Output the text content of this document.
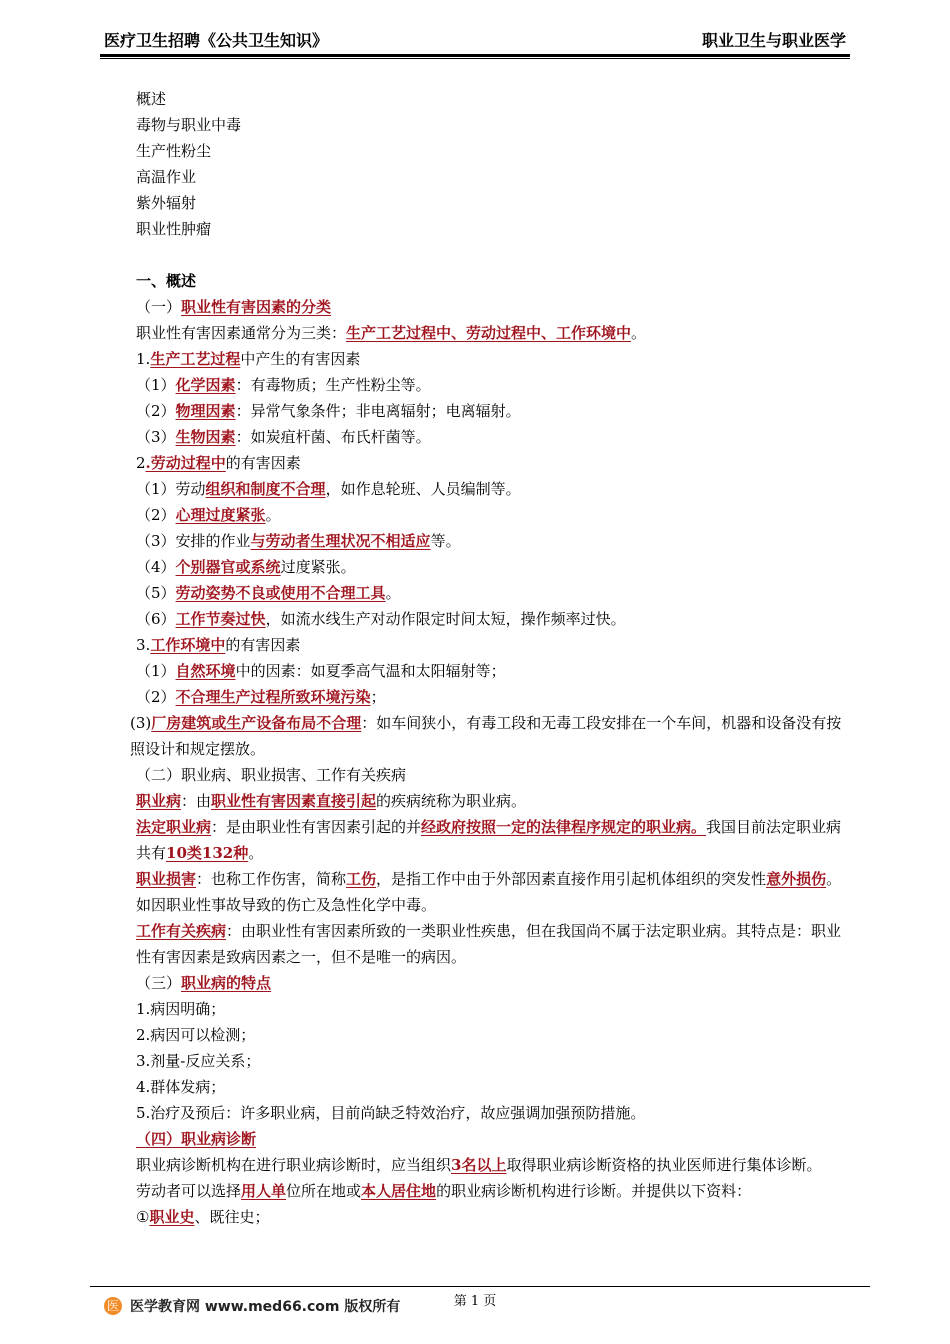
医疗卫生招聘《公共卫生知识》	职业卫生与职业医学
概述
毒物与职业中毒
生产性粉尘
高温作业
紫外辐射
职业性肿瘤
一、概述
（一）职业性有害因素的分类
职业性有害因素通常分为三类：生产工艺过程中、劳动过程中、工作环境中。
1.生产工艺过程中产生的有害因素
（1）化学因素：有毒物质；生产性粉尘等。
（2）物理因素：异常气象条件；非电离辐射；电离辐射。
（3）生物因素：如炭疽杆菌、布氏杆菌等。
2.劳动过程中的有害因素
（1）劳动组织和制度不合理，如作息轮班、人员编制等。
（2）心理过度紧张。
（3）安排的作业与劳动者生理状况不相适应等。
（4）个别器官或系统过度紧张。
（5）劳动姿势不良或使用不合理工具。
（6）工作节奏过快，如流水线生产对动作限定时间太短，操作频率过快。
3.工作环境中的有害因素
（1）自然环境中的因素：如夏季高气温和太阳辐射等；
（2）不合理生产过程所致环境污染；
(3)厂房建筑或生产设备布局不合理：如车间狭小，有毒工段和无毒工段安排在一个车间，机器和设备没有按照设计和规定摆放。
（二）职业病、职业损害、工作有关疾病
职业病：由职业性有害因素直接引起的疾病统称为职业病。
法定职业病：是由职业性有害因素引起的并经政府按照一定的法律程序规定的职业病。我国目前法定职业病共有10类132种。
职业损害：也称工作伤害，简称工伤，是指工作中由于外部因素直接作用引起机体组织的突发性意外损伤。如因职业性事故导致的伤亡及急性化学中毒。
工作有关疾病：由职业性有害因素所致的一类职业性疾患，但在我国尚不属于法定职业病。其特点是：职业性有害因素是致病因素之一，但不是唯一的病因。
（三）职业病的特点
1.病因明确；
2.病因可以检测；
3.剂量-反应关系；
4.群体发病；
5.治疗及预后：许多职业病，目前尚缺乏特效治疗，故应强调加强预防措施。
（四）职业病诊断
职业病诊断机构在进行职业病诊断时，应当组织3名以上取得职业病诊断资格的执业医师进行集体诊断。
劳动者可以选择用人单位所在地或本人居住地的职业病诊断机构进行诊断。并提供以下资料：
①职业史、既往史；
第 1 页
医 医学教育网 www.med66.com 版权所有
